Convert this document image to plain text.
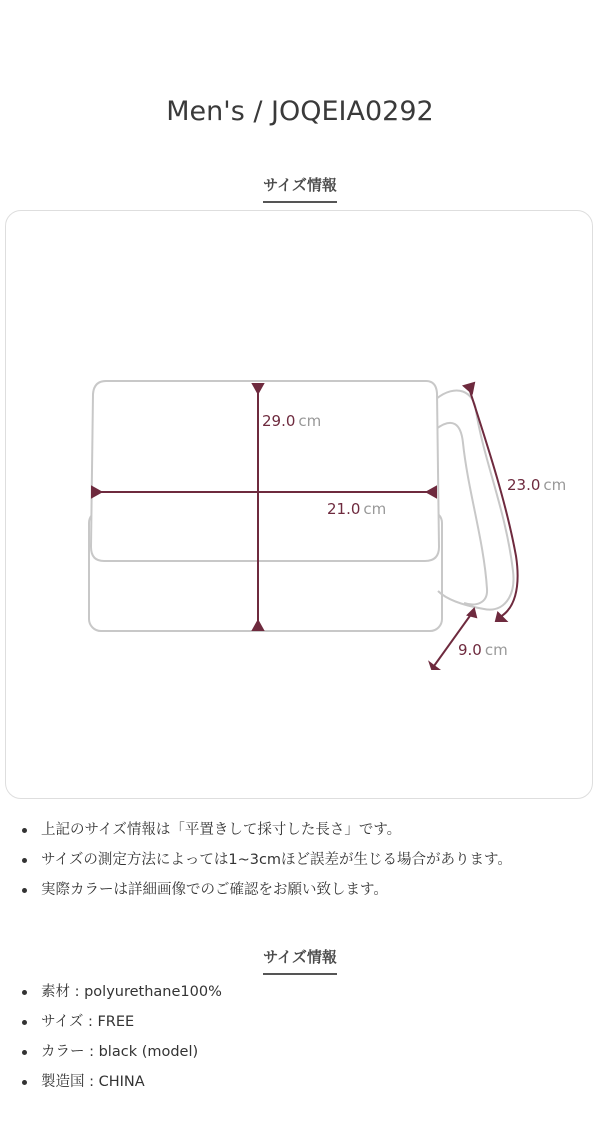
Men's / JOQEIA0292
サイズ情報
29.0 cm
21.0 cm
23.0 cm
9.0 cm
上記のサイズ情報は「平置きして採寸した長さ」です。
サイズの測定方法によっては1~3cmほど誤差が生じる場合があります。
実際カラーは詳細画像でのご確認をお願い致します。
サイズ情報
素材 : polyurethane100%
サイズ : FREE
カラー : black (model)
製造国 : CHINA
